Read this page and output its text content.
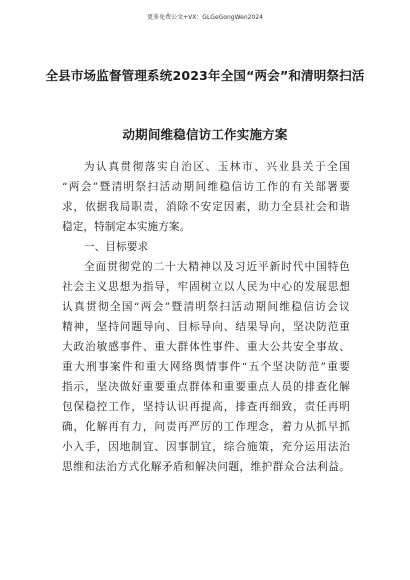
更多免费公文+VX：GLGeGongWen2024
全县市场监督管理系统2023年全国“两会”和清明祭扫活
动期间维稳信访工作实施方案
为认真贯彻落实自治区、玉林市、兴业县关于全国
“两会”暨清明祭扫活动期间维稳信访工作的有关部署要
求，依据我局职责，消除不安定因素，助力全县社会和谐
稳定，特制定本实施方案。
一、目标要求
全面贯彻党的二十大精神以及习近平新时代中国特色
社会主义思想为指导，牢固树立以人民为中心的发展思想
认真贯彻全国“两会”暨清明祭扫活动期间维稳信访会议
精神，坚持问题导向、目标导向、结果导向，坚决防范重
大政治敏感事件、重大群体性事件、重大公共安全事故、
重大刑事案件和重大网络舆情事件“五个坚决防范”重要
指示，坚决做好重要重点群体和重要重点人员的排查化解
包保稳控工作，坚持认识再提高，排查再细致，责任再明
确，化解再有力，问责再严厉的工作理念，着力从抓早抓
小入手，因地制宜、因事制宜，综合施策，充分运用法治
思维和法治方式化解矛盾和解决问题，维护群众合法利益。
